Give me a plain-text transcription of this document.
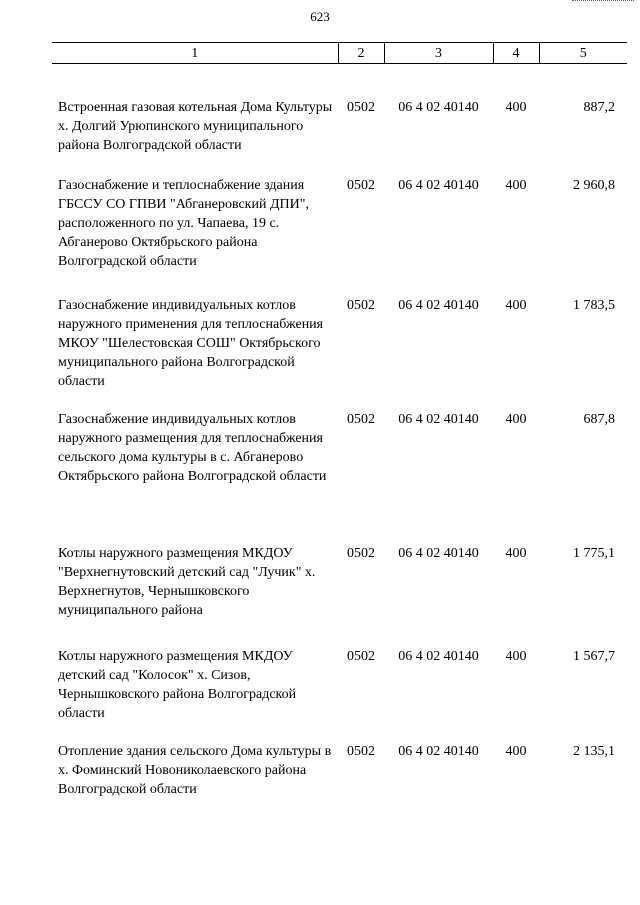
623
1	2	3	4	5
Встроенная газовая котельная Дома Культуры х. Долгий Урюпинского муниципального района Волгоградской области	0502	06 4 02 40140	400	887,2
Газоснабжение и теплоснабжение здания ГБССУ СО ГПВИ "Абганеровский ДПИ", расположенного по ул. Чапаева, 19 с. Абганерово Октябрьского района Волгоградской области	0502	06 4 02 40140	400	2 960,8
Газоснабжение индивидуальных котлов наружного применения для теплоснабжения МКОУ "Шелестовская СОШ" Октябрьского муниципального района Волгоградской области	0502	06 4 02 40140	400	1 783,5
Газоснабжение индивидуальных котлов наружного размещения для теплоснабжения сельского дома культуры в с. Абганерово Октябрьского района Волгоградской области	0502	06 4 02 40140	400	687,8
Котлы наружного размещения МКДОУ "Верхнегнутовский детский сад "Лучик" х. Верхнегнутов, Чернышковского муниципального района	0502	06 4 02 40140	400	1 775,1
Котлы наружного размещения МКДОУ детский сад "Колосок" х. Сизов, Чернышковского района Волгоградской области	0502	06 4 02 40140	400	1 567,7
Отопление здания сельского Дома культуры в х. Фоминский Новониколаевского района Волгоградской области	0502	06 4 02 40140	400	2 135,1
